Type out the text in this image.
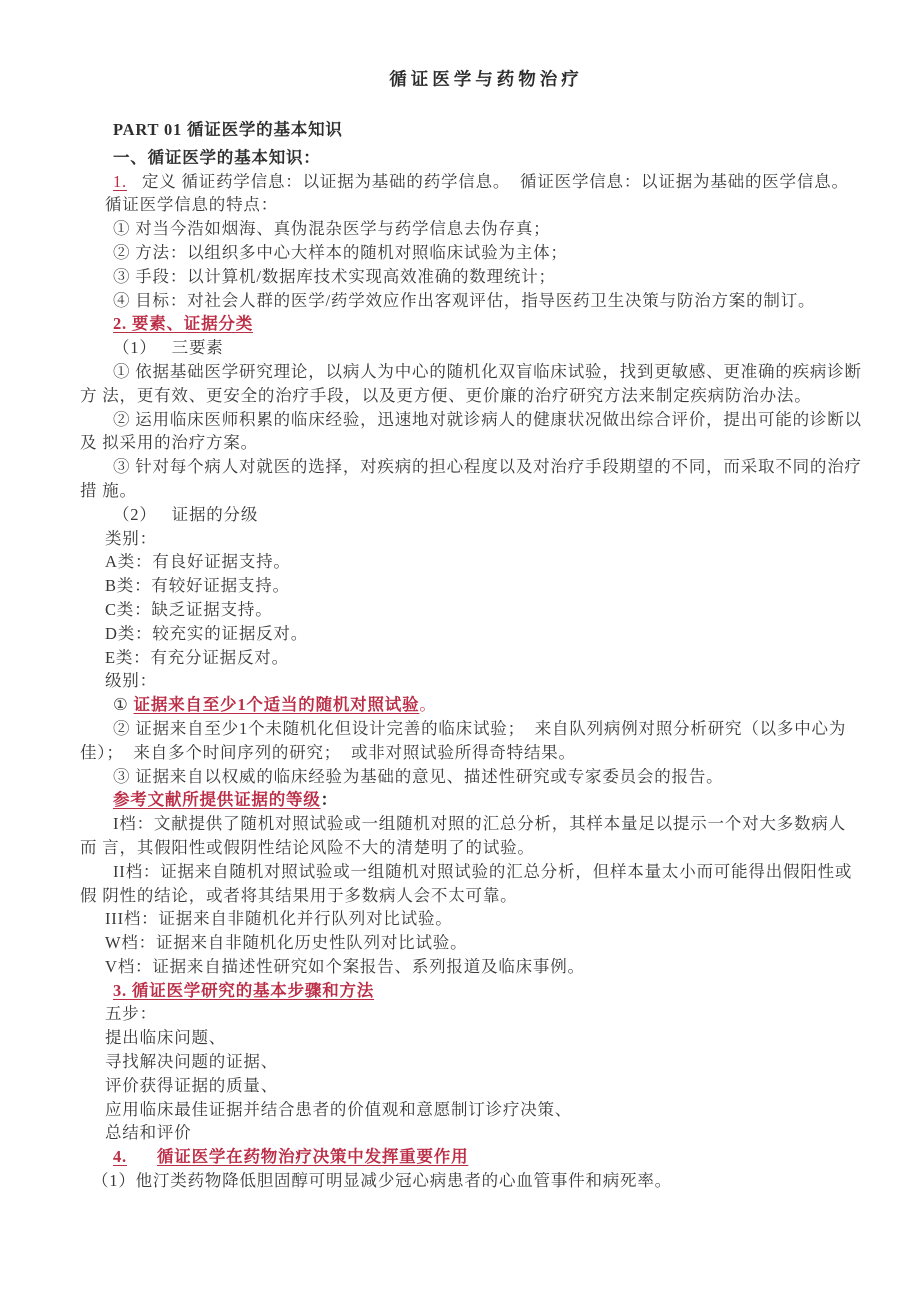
循证医学与药物治疗
PART 01 循证医学的基本知识
一、循证医学的基本知识：
1. 定义 循证药学信息：以证据为基础的药学信息。  循证医学信息：以证据为基础的医学信息。
循证医学信息的特点：
① 对当今浩如烟海、真伪混杂医学与药学信息去伪存真；
② 方法：以组织多中心大样本的随机对照临床试验为主体；
③ 手段：以计算机/数据库技术实现高效准确的数理统计；
④ 目标：对社会人群的医学/药学效应作出客观评估，指导医药卫生决策与防治方案的制订。
2. 要素、证据分类
（1） 三要素
① 依据基础医学研究理论，以病人为中心的随机化双盲临床试验，找到更敏感、更准确的疾病诊断
方 法，更有效、更安全的治疗手段，以及更方便、更价廉的治疗研究方法来制定疾病防治办法。
② 运用临床医师积累的临床经验，迅速地对就诊病人的健康状况做出综合评价，提出可能的诊断以
及 拟采用的治疗方案。
③ 针对每个病人对就医的选择，对疾病的担心程度以及对治疗手段期望的不同，而采取不同的治疗
措 施。
（2） 证据的分级
类别：
A类：有良好证据支持。
B类：有较好证据支持。
C类：缺乏证据支持。
D类：较充实的证据反对。
E类：有充分证据反对。
级别：
① 证据来自至少1个适当的随机对照试验。
② 证据来自至少1个未随机化但设计完善的临床试验；  来自队列病例对照分析研究（以多中心为
佳）；  来自多个时间序列的研究；  或非对照试验所得奇特结果。
③ 证据来自以权威的临床经验为基础的意见、描述性研究或专家委员会的报告。
参考文献所提供证据的等级：
I档：文献提供了随机对照试验或一组随机对照的汇总分析，其样本量足以提示一个对大多数病人
而 言，其假阳性或假阴性结论风险不大的清楚明了的试验。
II档：证据来自随机对照试验或一组随机对照试验的汇总分析，但样本量太小而可能得出假阳性或
假 阴性的结论，或者将其结果用于多数病人会不太可靠。
III档：证据来自非随机化并行队列对比试验。
W档：证据来自非随机化历史性队列对比试验。
V档：证据来自描述性研究如个案报告、系列报道及临床事例。
3. 循证医学研究的基本步骤和方法
五步：
提出临床问题、
寻找解决问题的证据、
评价获得证据的质量、
应用临床最佳证据并结合患者的价值观和意愿制订诊疗决策、
总结和评价
4. 循证医学在药物治疗决策中发挥重要作用
（1）他汀类药物降低胆固醇可明显减少冠心病患者的心血管事件和病死率。
